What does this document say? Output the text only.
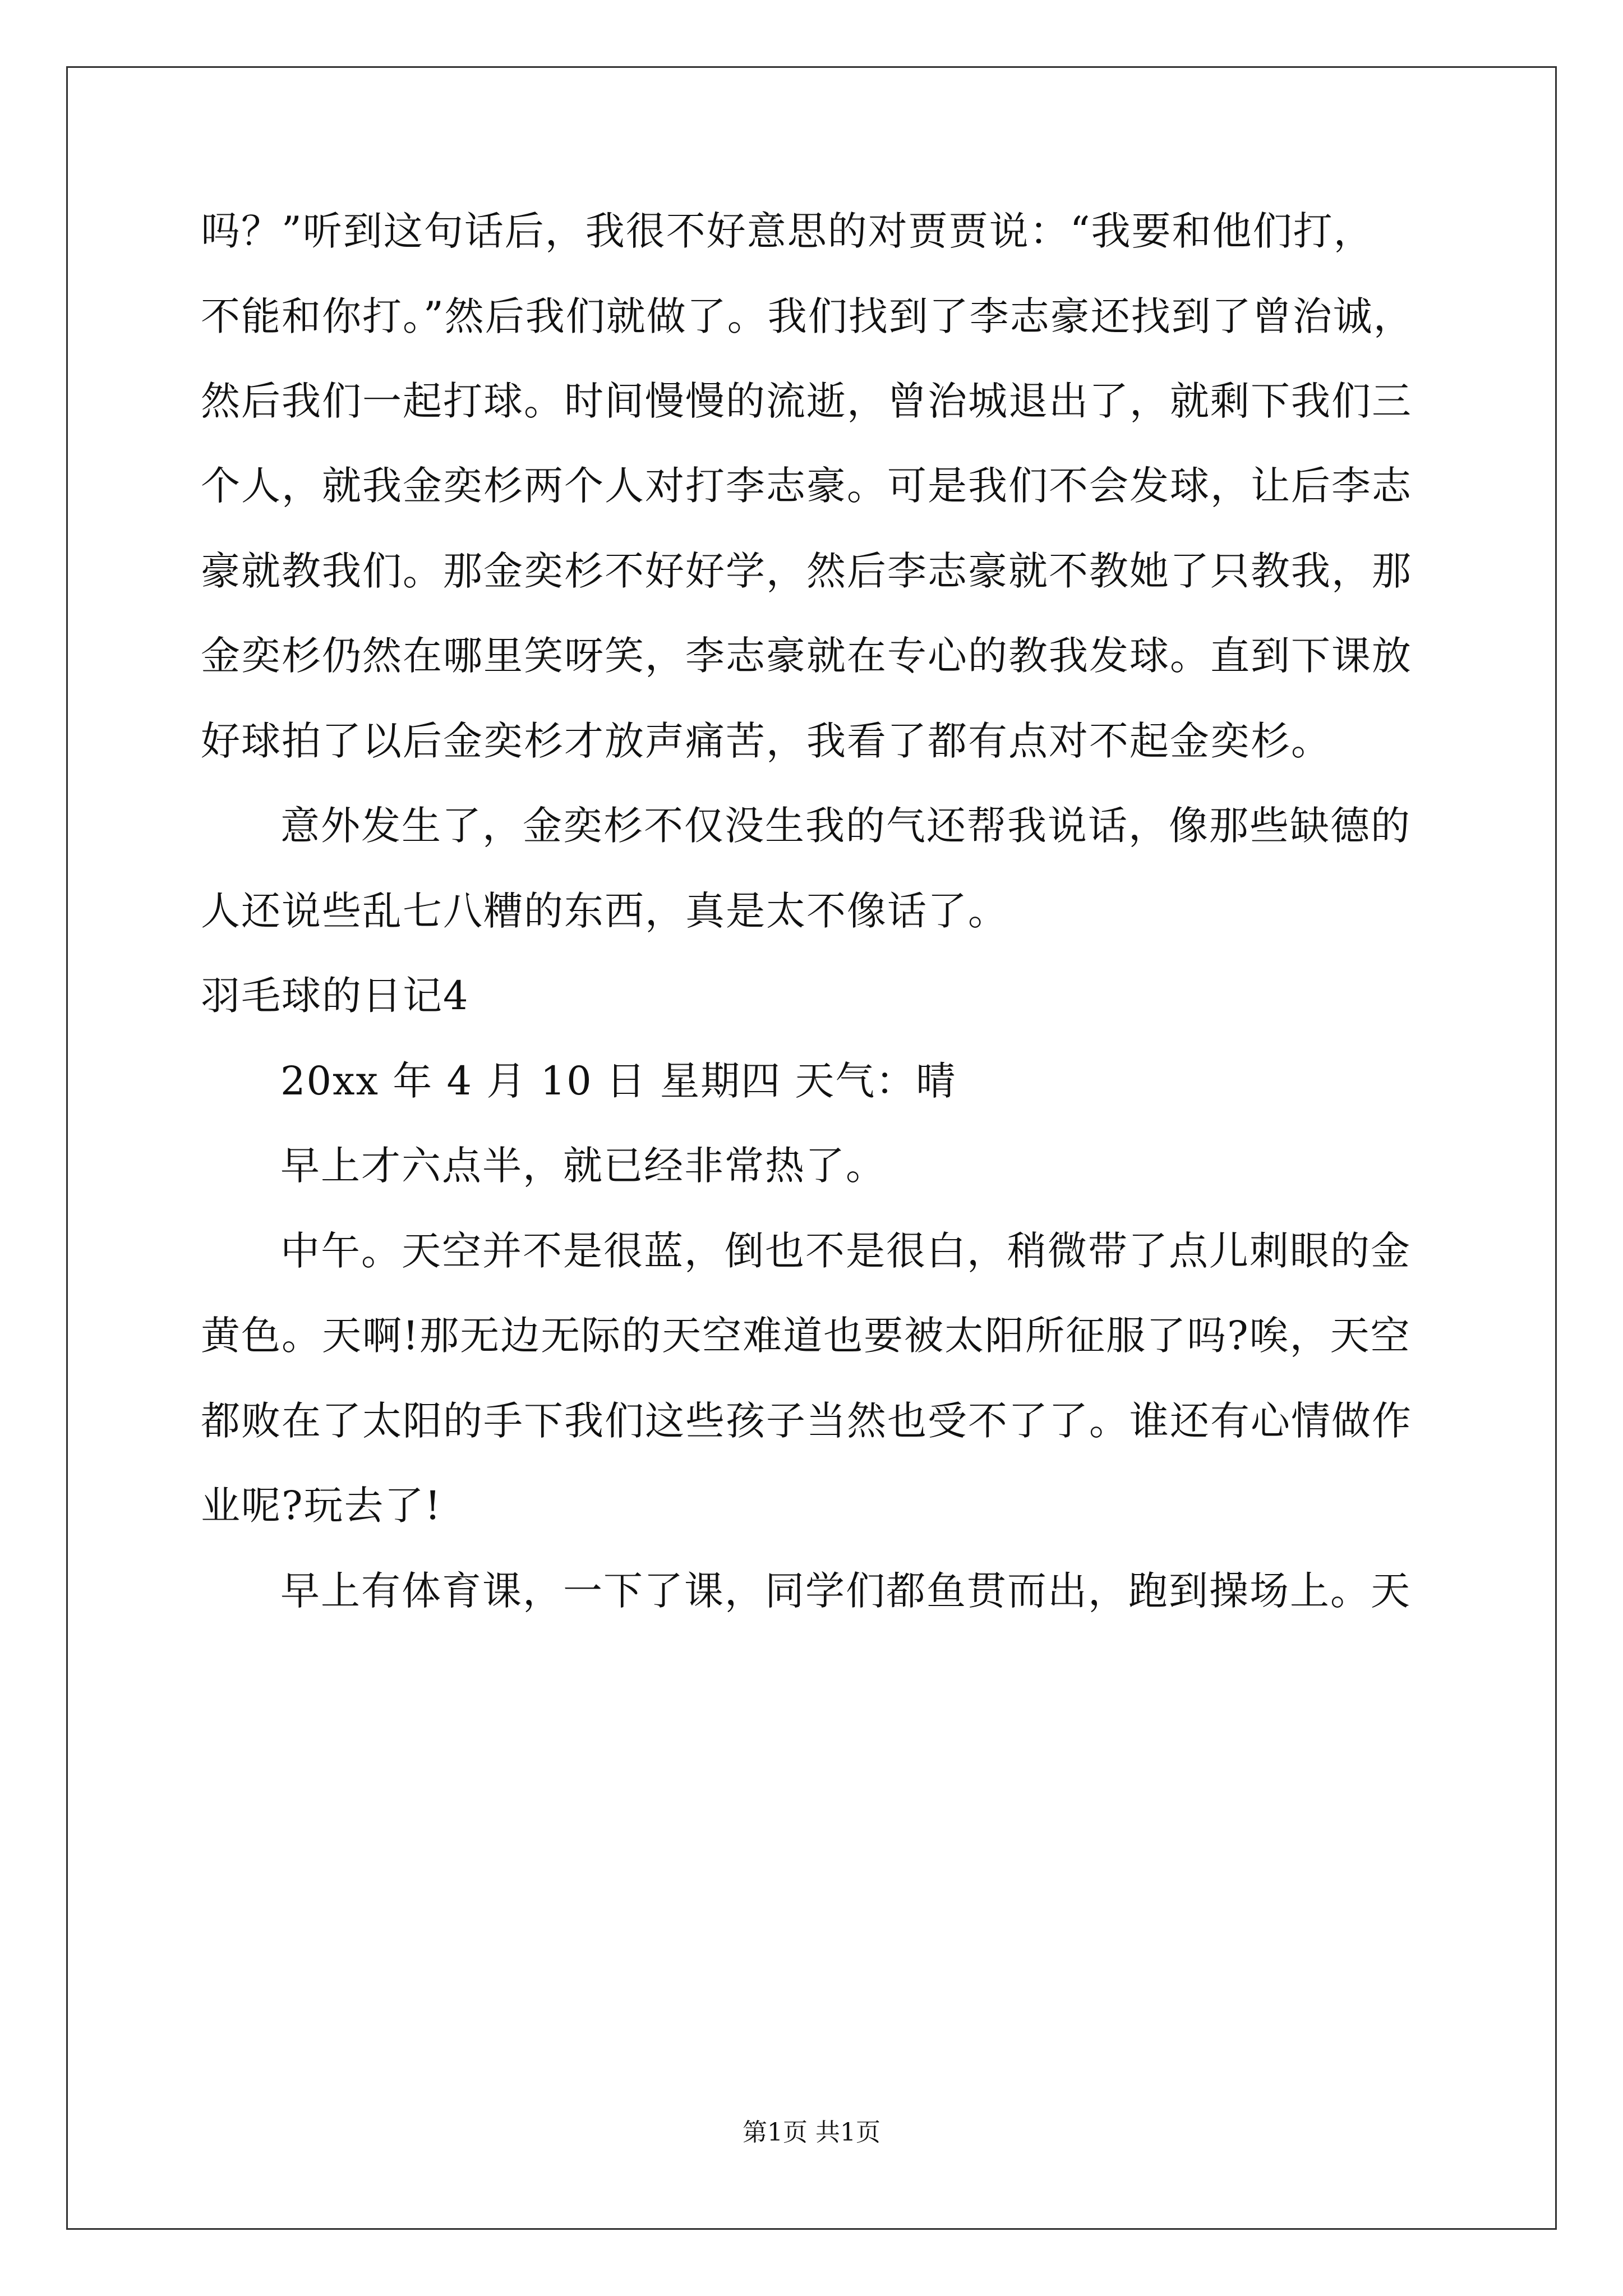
吗？”听到这句话后，我很不好意思的对贾贾说：“我要和他们打，
不能和你打。”然后我们就做了。我们找到了李志豪还找到了曾治诚，
然后我们一起打球。时间慢慢的流逝，曾治城退出了，就剩下我们三
个人，就我金奕杉两个人对打李志豪。可是我们不会发球，让后李志
豪就教我们。那金奕杉不好好学，然后李志豪就不教她了只教我，那
金奕杉仍然在哪里笑呀笑，李志豪就在专心的教我发球。直到下课放
好球拍了以后金奕杉才放声痛苦，我看了都有点对不起金奕杉。
意外发生了，金奕杉不仅没生我的气还帮我说话，像那些缺德的
人还说些乱七八糟的东西，真是太不像话了。
羽毛球的日记4
20xx 年 4 月 10 日 星期四 天气：晴
早上才六点半，就已经非常热了。
中午。天空并不是很蓝，倒也不是很白，稍微带了点儿刺眼的金
黄色。天啊!那无边无际的天空难道也要被太阳所征服了吗?唉，天空
都败在了太阳的手下我们这些孩子当然也受不了了。谁还有心情做作
业呢?玩去了!
早上有体育课，一下了课，同学们都鱼贯而出，跑到操场上。天
第1页 共1页
